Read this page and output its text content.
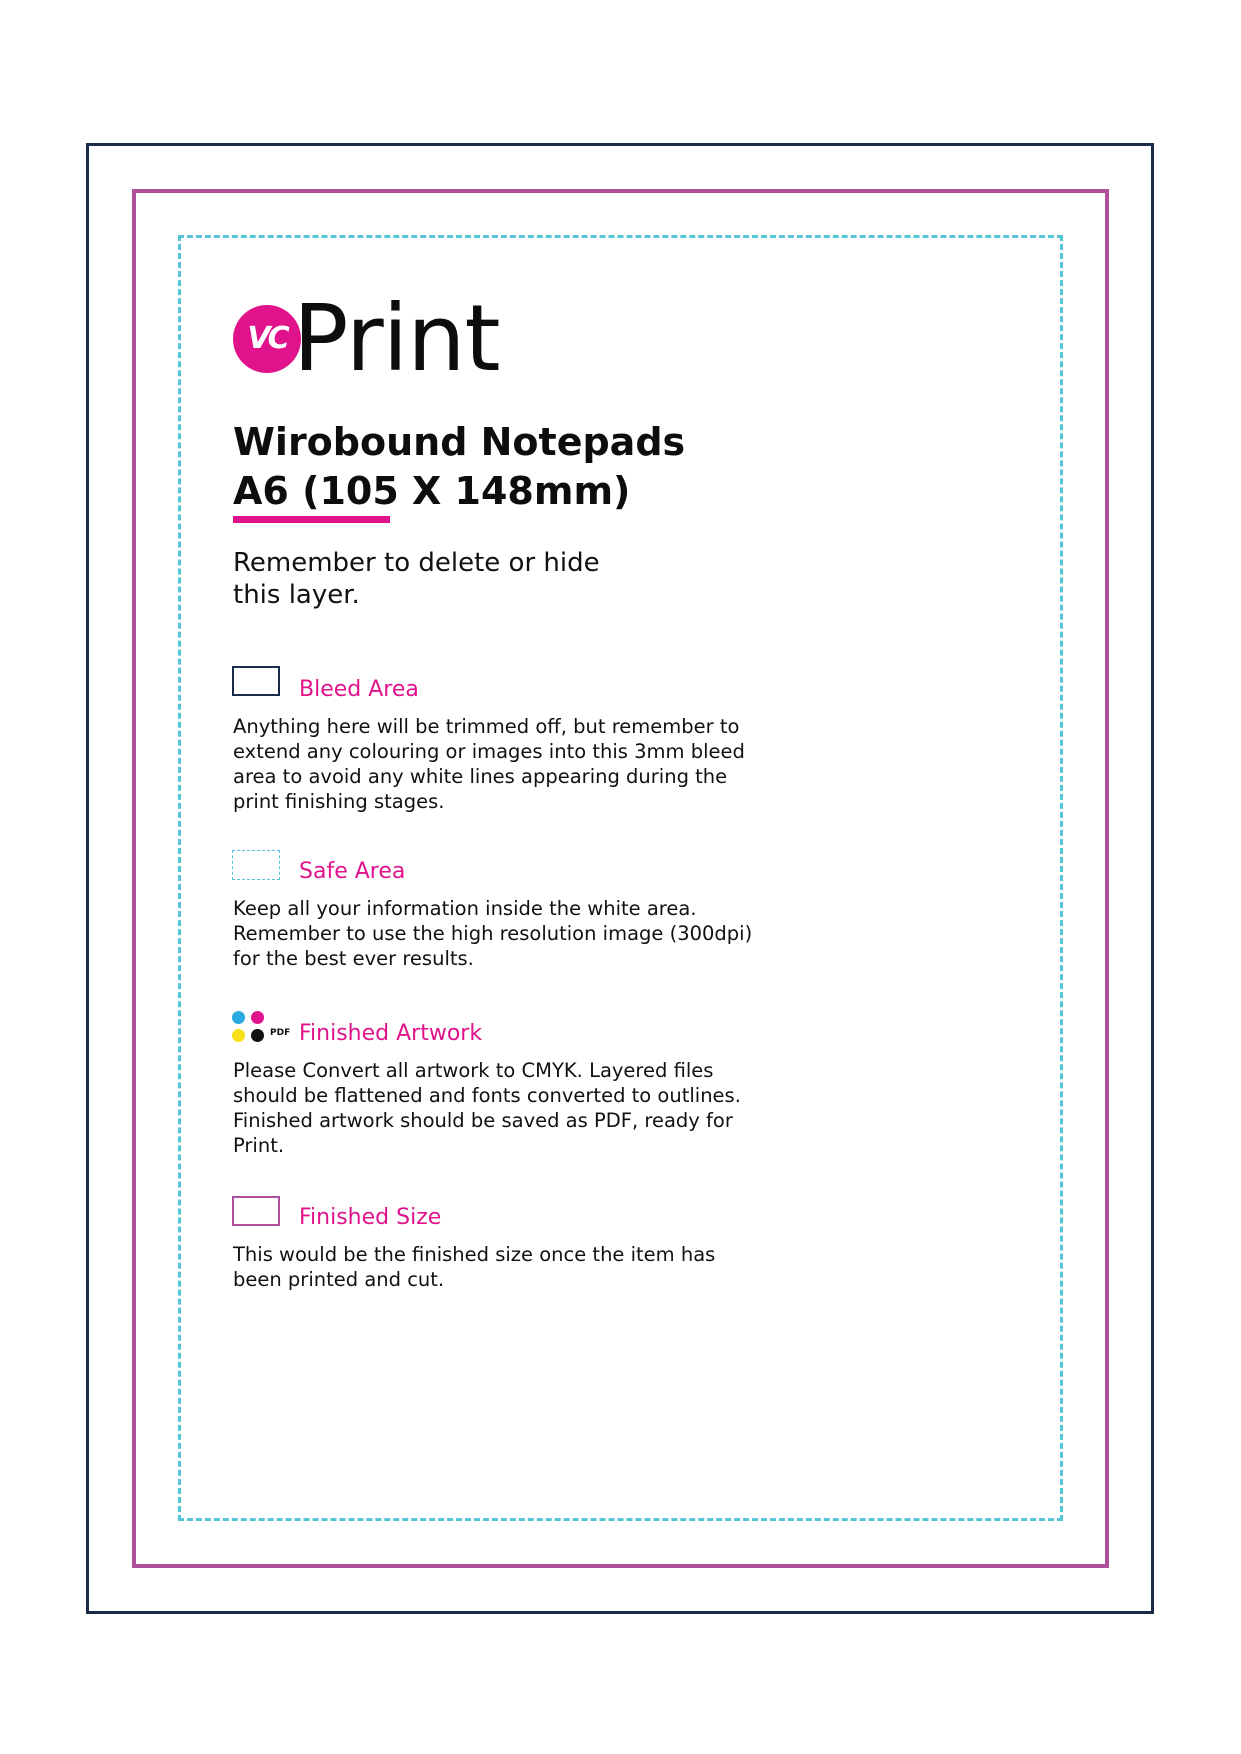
VC Print
Wirobound Notepads
A6 (105 X 148mm)
Remember to delete or hide this layer.
Bleed Area
Anything here will be trimmed off, but remember to extend any colouring or images into this 3mm bleed area to avoid any white lines appearing during the print finishing stages.
Safe Area
Keep all your information inside the white area. Remember to use the high resolution image (300dpi) for the best ever results.
PDF Finished Artwork
Please Convert all artwork to CMYK. Layered files should be flattened and fonts converted to outlines. Finished artwork should be saved as PDF, ready for Print.
Finished Size
This would be the finished size once the item has been printed and cut.
